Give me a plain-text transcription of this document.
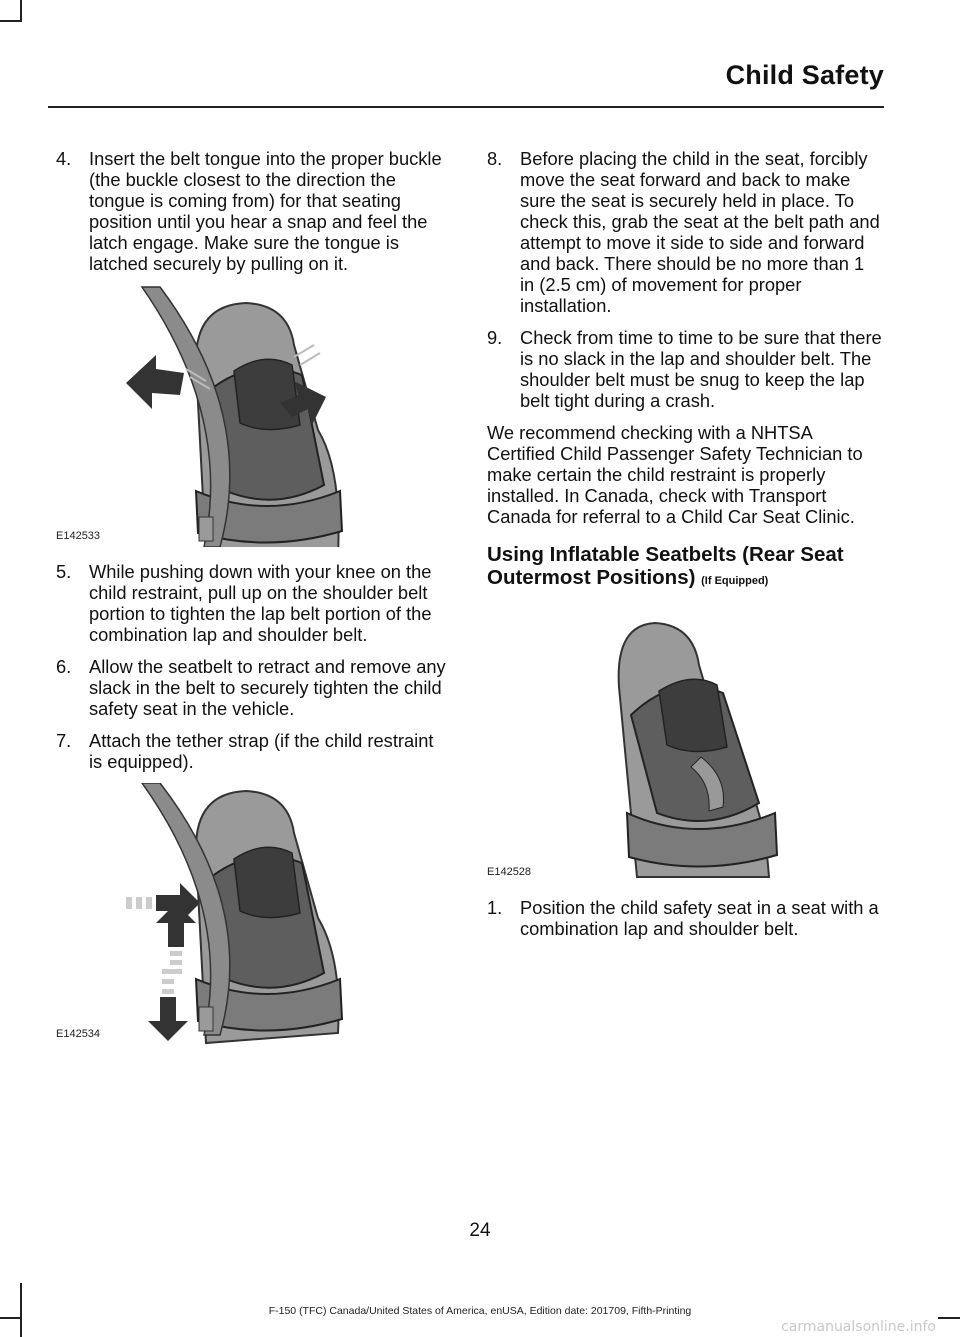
Child Safety
4. Insert the belt tongue into the proper buckle (the buckle closest to the direction the tongue is coming from) for that seating position until you hear a snap and feel the latch engage. Make sure the tongue is latched securely by pulling on it.
E142533
5. While pushing down with your knee on the child restraint, pull up on the shoulder belt portion to tighten the lap belt portion of the combination lap and shoulder belt.
6. Allow the seatbelt to retract and remove any slack in the belt to securely tighten the child safety seat in the vehicle.
7. Attach the tether strap (if the child restraint is equipped).
E142534
8. Before placing the child in the seat, forcibly move the seat forward and back to make sure the seat is securely held in place. To check this, grab the seat at the belt path and attempt to move it side to side and forward and back. There should be no more than 1 in (2.5 cm) of movement for proper installation.
9. Check from time to time to be sure that there is no slack in the lap and shoulder belt. The shoulder belt must be snug to keep the lap belt tight during a crash.

We recommend checking with a NHTSA Certified Child Passenger Safety Technician to make certain the child restraint is properly installed. In Canada, check with Transport Canada for referral to a Child Car Seat Clinic.

Using Inflatable Seatbelts (Rear Seat Outermost Positions) (If Equipped)
E142528
1. Position the child safety seat in a seat with a combination lap and shoulder belt.
24
F-150 (TFC) Canada/United States of America, enUSA, Edition date: 201709, Fifth-Printing
carmanualsonline.info
